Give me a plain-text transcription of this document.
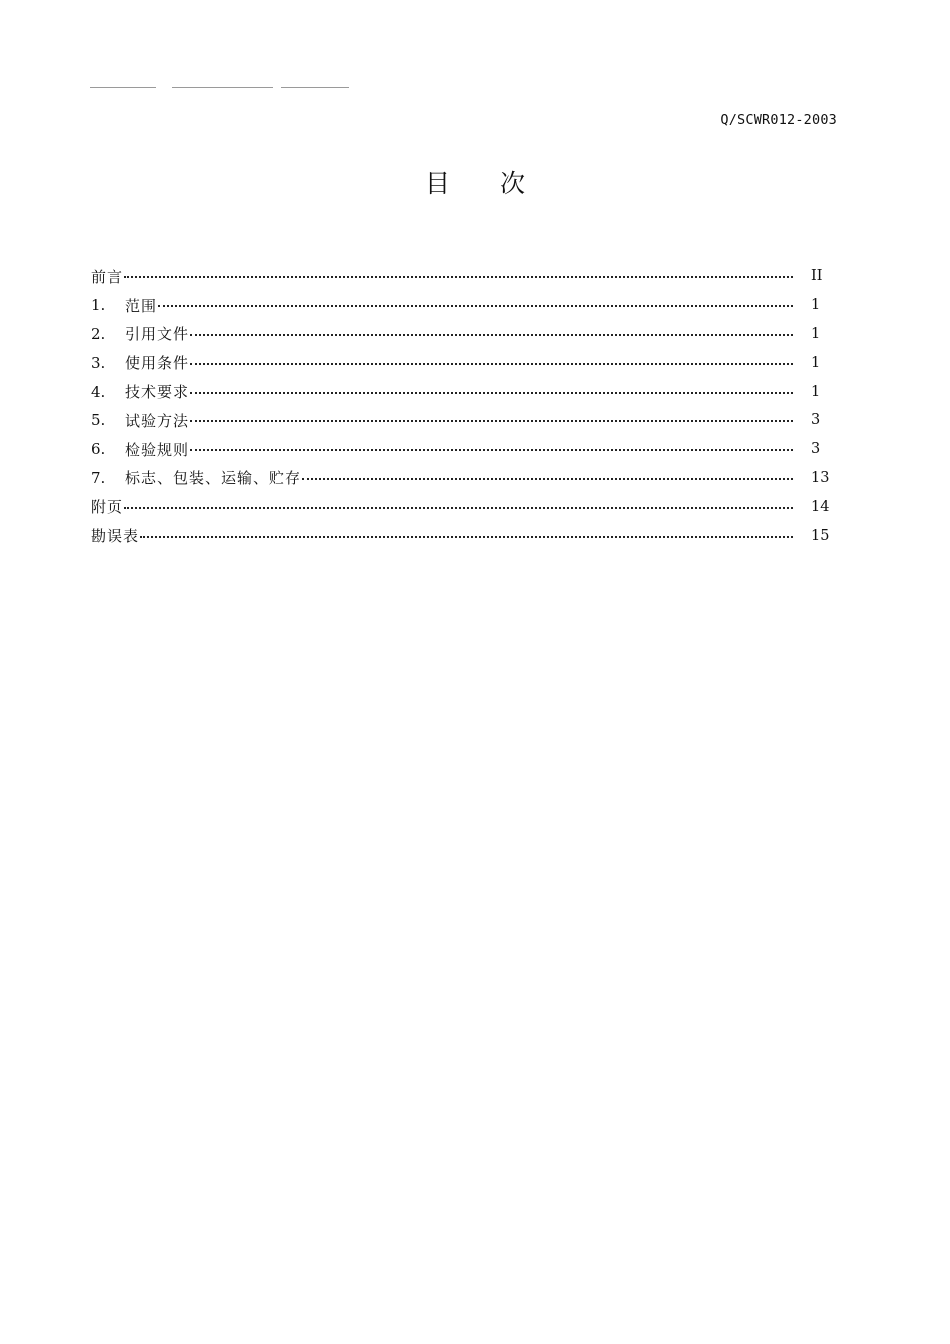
Q/SCWR012-2003
目次
前言	II
1.	范围	1
2.	引用文件	1
3.	使用条件	1
4.	技术要求	1
5.	试验方法	3
6.	检验规则	3
7.	标志、包装、运输、贮存	13
附页	14
勘误表	15
